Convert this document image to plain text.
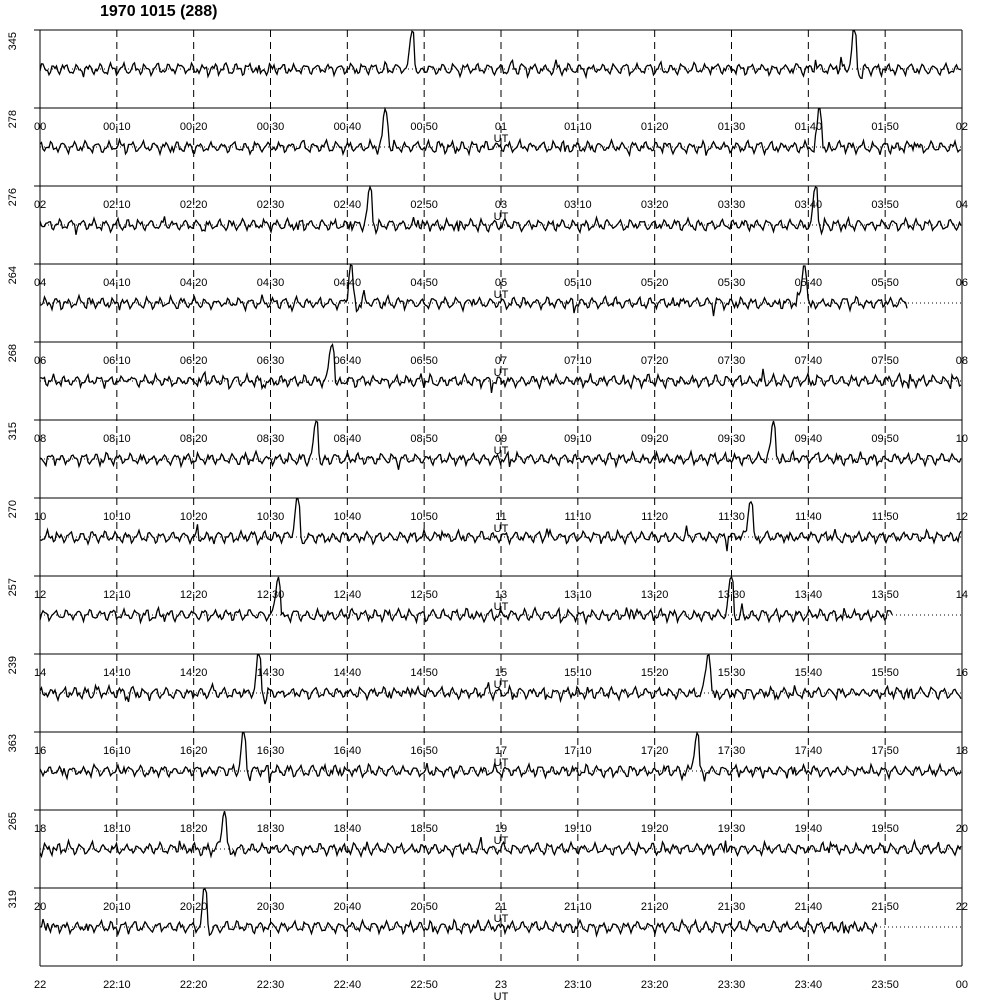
1970 1015 (288)
345
00	00:10	00:20	00:30	00:40	00:50	01	01:10	01:20	01:30	01:40	01:50	02
UT
278
02	02:10	02:20	02:30	02:40	02:50	03	03:10	03:20	03:30	03:40	03:50	04
UT
276
04	04:10	04:20	04:30	04:40	04:50	05	05:10	05:20	05:30	05:40	05:50	06
UT
264
06	06:10	06:20	06:30	06:40	06:50	07	07:10	07:20	07:30	07:40	07:50	08
UT
268
08	08:10	08:20	08:30	08:40	08:50	09	09:10	09:20	09:30	09:40	09:50	10
UT
315
10	10:10	10:20	10:30	10:40	10:50	11	11:10	11:20	11:30	11:40	11:50	12
UT
270
12	12:10	12:20	12:30	12:40	12:50	13	13:10	13:20	13:30	13:40	13:50	14
UT
257
14	14:10	14:20	14:30	14:40	14:50	15	15:10	15:20	15:30	15:40	15:50	16
UT
239
16	16:10	16:20	16:30	16:40	16:50	17	17:10	17:20	17:30	17:40	17:50	18
UT
363
18	18:10	18:20	18:30	18:40	18:50	19	19:10	19:20	19:30	19:40	19:50	20
UT
265
20	20:10	20:20	20:30	20:40	20:50	21	21:10	21:20	21:30	21:40	21:50	22
UT
319
22	22:10	22:20	22:30	22:40	22:50	23	23:10	23:20	23:30	23:40	23:50	00
UT
